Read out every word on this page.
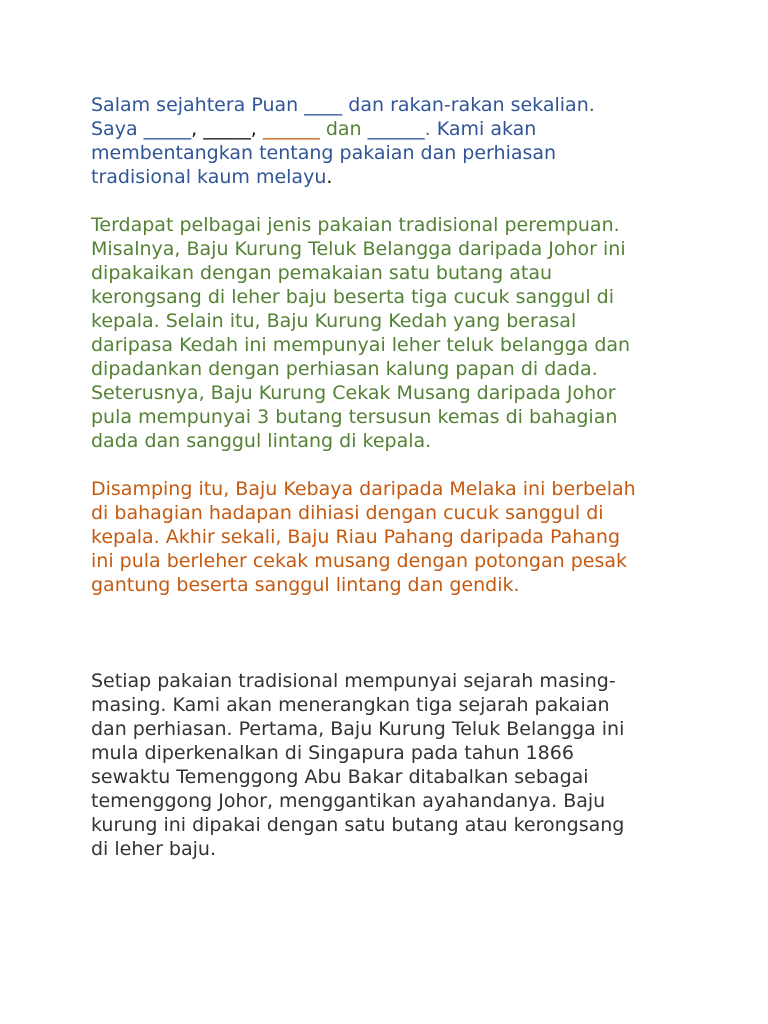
Salam sejahtera Puan ____ dan rakan-rakan sekalian.
Saya _____, _____, ______ dan ______. Kami akan
membentangkan tentang pakaian dan perhiasan
tradisional kaum melayu.

Terdapat pelbagai jenis pakaian tradisional perempuan.
Misalnya, Baju Kurung Teluk Belangga daripada Johor ini
dipakaikan dengan pemakaian satu butang atau
kerongsang di leher baju beserta tiga cucuk sanggul di
kepala. Selain itu, Baju Kurung Kedah yang berasal
daripasa Kedah ini mempunyai leher teluk belangga dan
dipadankan dengan perhiasan kalung papan di dada.
Seterusnya, Baju Kurung Cekak Musang daripada Johor
pula mempunyai 3 butang tersusun kemas di bahagian
dada dan sanggul lintang di kepala.

Disamping itu, Baju Kebaya daripada Melaka ini berbelah
di bahagian hadapan dihiasi dengan cucuk sanggul di
kepala. Akhir sekali, Baju Riau Pahang daripada Pahang
ini pula berleher cekak musang dengan potongan pesak
gantung beserta sanggul lintang dan gendik.

Setiap pakaian tradisional mempunyai sejarah masing-
masing. Kami akan menerangkan tiga sejarah pakaian
dan perhiasan. Pertama, Baju Kurung Teluk Belangga ini
mula diperkenalkan di Singapura pada tahun 1866
sewaktu Temenggong Abu Bakar ditabalkan sebagai
temenggong Johor, menggantikan ayahandanya. Baju
kurung ini dipakai dengan satu butang atau kerongsang
di leher baju.
